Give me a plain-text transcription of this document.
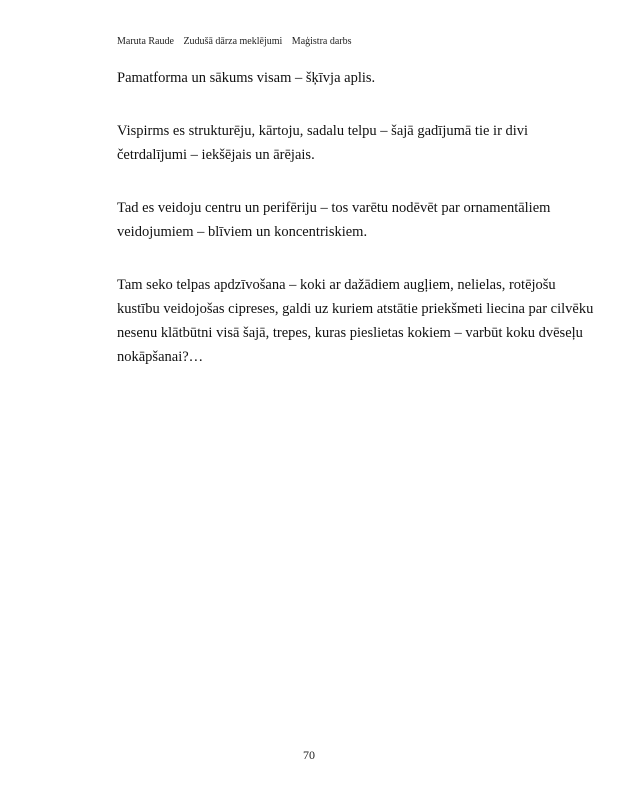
Maruta Raude Zudušā dārza meklējumi Maģistra darbs

Pamatforma un sākums visam – šķīvja aplis.

Vispirms es strukturēju, kārtoju, sadalu telpu – šajā gadījumā tie ir divi
četrdalījumi – iekšējais un ārējais.

Tad es veidoju centru un perifēriju – tos varētu nodēvēt par ornamentāliem
veidojumiem – blīviem un koncentriskiem.

Tam seko telpas apdzīvošana – koki ar dažādiem augļiem, nelielas, rotējošu
kustību veidojošas cipreses, galdi uz kuriem atstātie priekšmeti liecina par cilvēku
nesenu klātbūtni visā šajā, trepes, kuras pieslietas kokiem – varbūt koku dvēseļu
nokāpšanai?…

70
